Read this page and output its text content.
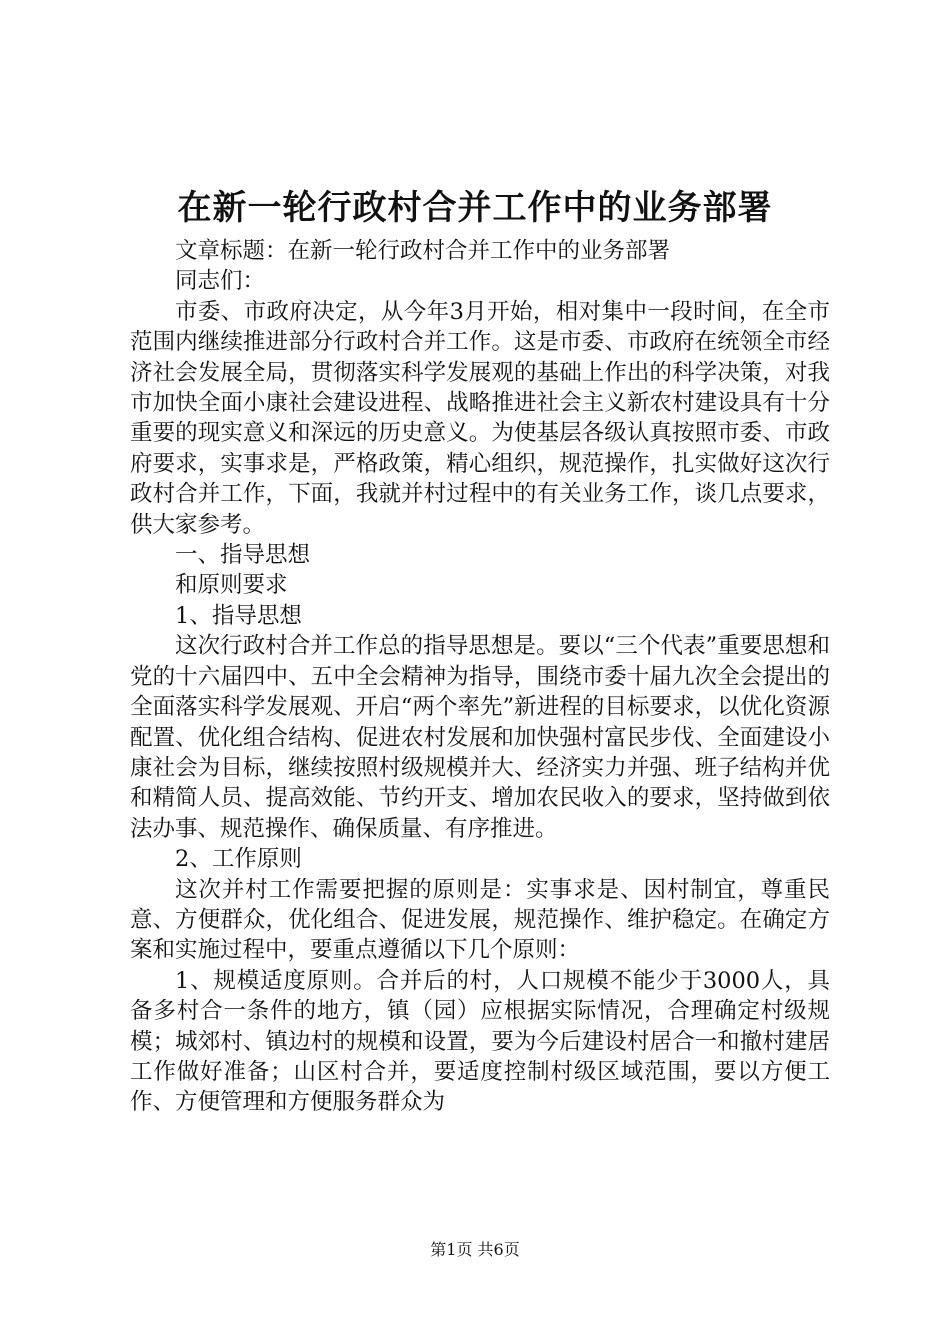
在新一轮行政村合并工作中的业务部署

文章标题：在新一轮行政村合并工作中的业务部署

同志们：

市委、市政府决定，从今年3月开始，相对集中一段时间，在全市范围内继续推进部分行政村合并工作。这是市委、市政府在统领全市经济社会发展全局，贯彻落实科学发展观的基础上作出的科学决策，对我市加快全面小康社会建设进程、战略推进社会主义新农村建设具有十分重要的现实意义和深远的历史意义。为使基层各级认真按照市委、市政府要求，实事求是，严格政策，精心组织，规范操作，扎实做好这次行政村合并工作，下面，我就并村过程中的有关业务工作，谈几点要求，供大家参考。

一、指导思想

和原则要求

1、指导思想

这次行政村合并工作总的指导思想是。要以“三个代表”重要思想和党的十六届四中、五中全会精神为指导，围绕市委十届九次全会提出的全面落实科学发展观、开启“两个率先”新进程的目标要求，以优化资源配置、优化组合结构、促进农村发展和加快强村富民步伐、全面建设小康社会为目标，继续按照村级规模并大、经济实力并强、班子结构并优和精简人员、提高效能、节约开支、增加农民收入的要求，坚持做到依法办事、规范操作、确保质量、有序推进。

2、工作原则

这次并村工作需要把握的原则是：实事求是、因村制宜，尊重民意、方便群众，优化组合、促进发展，规范操作、维护稳定。在确定方案和实施过程中，要重点遵循以下几个原则：

1、规模适度原则。合并后的村，人口规模不能少于3000人，具备多村合一条件的地方，镇（园）应根据实际情况，合理确定村级规模；城郊村、镇边村的规模和设置，要为今后建设村居合一和撤村建居工作做好准备；山区村合并，要适度控制村级区域范围，要以方便工作、方便管理和方便服务群众为

第1页 共6页
